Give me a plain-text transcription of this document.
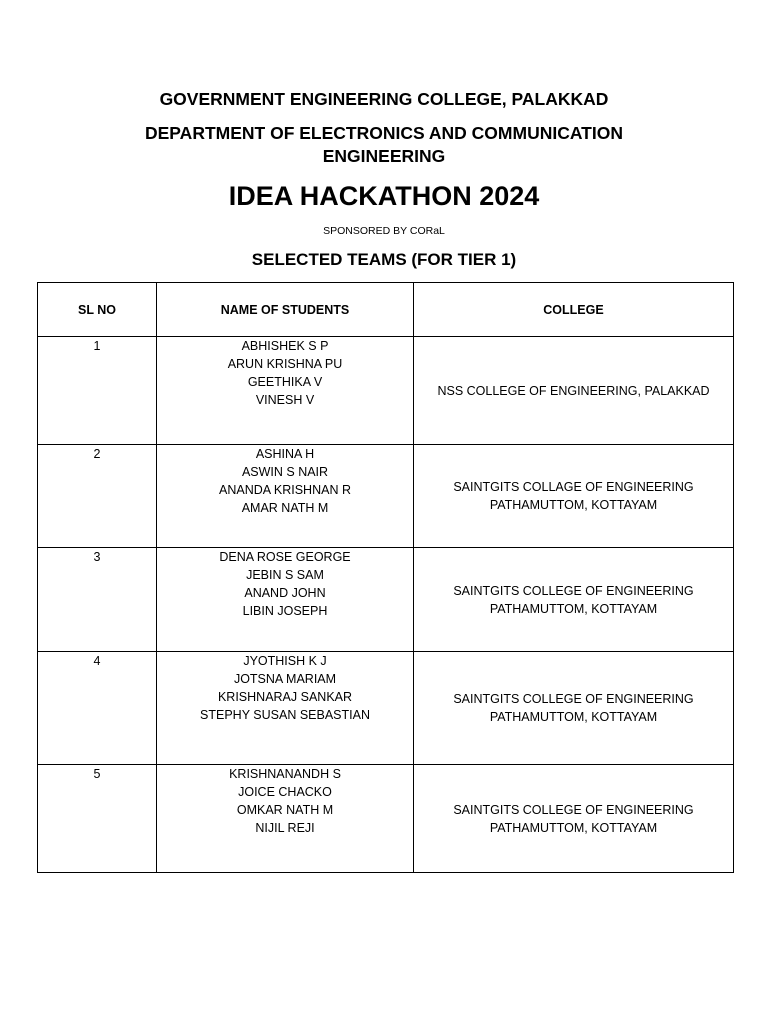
GOVERNMENT ENGINEERING COLLEGE, PALAKKAD
DEPARTMENT OF ELECTRONICS AND COMMUNICATION
ENGINEERING
IDEA HACKATHON 2024
SPONSORED BY CORaL
SELECTED TEAMS (FOR TIER 1)
SL NO	NAME OF STUDENTS	COLLEGE
1	ABHISHEK S P
ARUN KRISHNA PU
GEETHIKA V
VINESH V	NSS COLLEGE OF ENGINEERING, PALAKKAD

2	ASHINA H
ASWIN S NAIR
ANANDA KRISHNAN R
AMAR NATH M	SAINTGITS COLLAGE OF ENGINEERING
PATHAMUTTOM, KOTTAYAM

3	DENA ROSE GEORGE
JEBIN S SAM
ANAND JOHN
LIBIN JOSEPH	SAINTGITS COLLEGE OF ENGINEERING
PATHAMUTTOM, KOTTAYAM

4	JYOTHISH K J
JOTSNA MARIAM
KRISHNARAJ SANKAR
STEPHY SUSAN SEBASTIAN	SAINTGITS COLLEGE OF ENGINEERING
PATHAMUTTOM, KOTTAYAM

5	KRISHNANANDH S
JOICE CHACKO
OMKAR NATH M
NIJIL REJI	SAINTGITS COLLEGE OF ENGINEERING
PATHAMUTTOM, KOTTAYAM
